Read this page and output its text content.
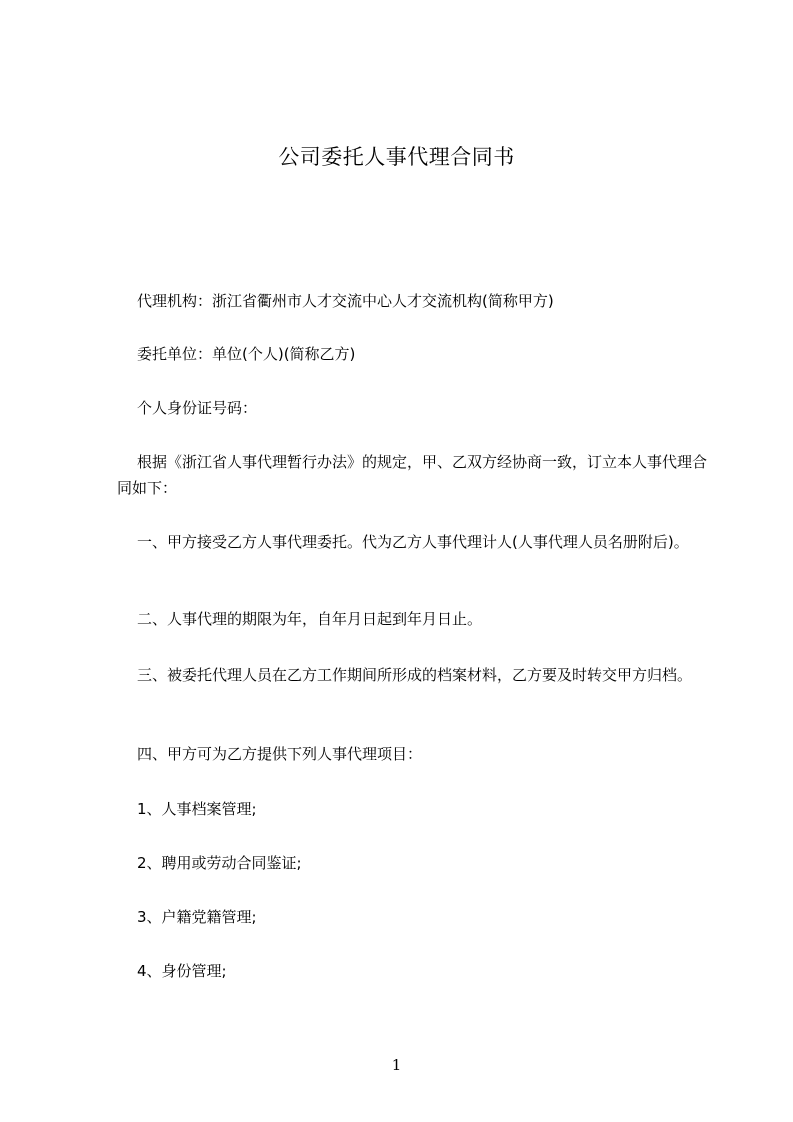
公司委托人事代理合同书

代理机构：浙江省衢州市人才交流中心人才交流机构(简称甲方)

委托单位：单位(个人)(简称乙方)

个人身份证号码：

根据《浙江省人事代理暂行办法》的规定，甲、乙双方经协商一致，订立本人事代理合同如下：

一、甲方接受乙方人事代理委托。代为乙方人事代理计人(人事代理人员名册附后)。

二、人事代理的期限为年，自年月日起到年月日止。

三、被委托代理人员在乙方工作期间所形成的档案材料，乙方要及时转交甲方归档。

四、甲方可为乙方提供下列人事代理项目：

1、人事档案管理;

2、聘用或劳动合同鉴证;

3、户籍党籍管理;

4、身份管理;

1
